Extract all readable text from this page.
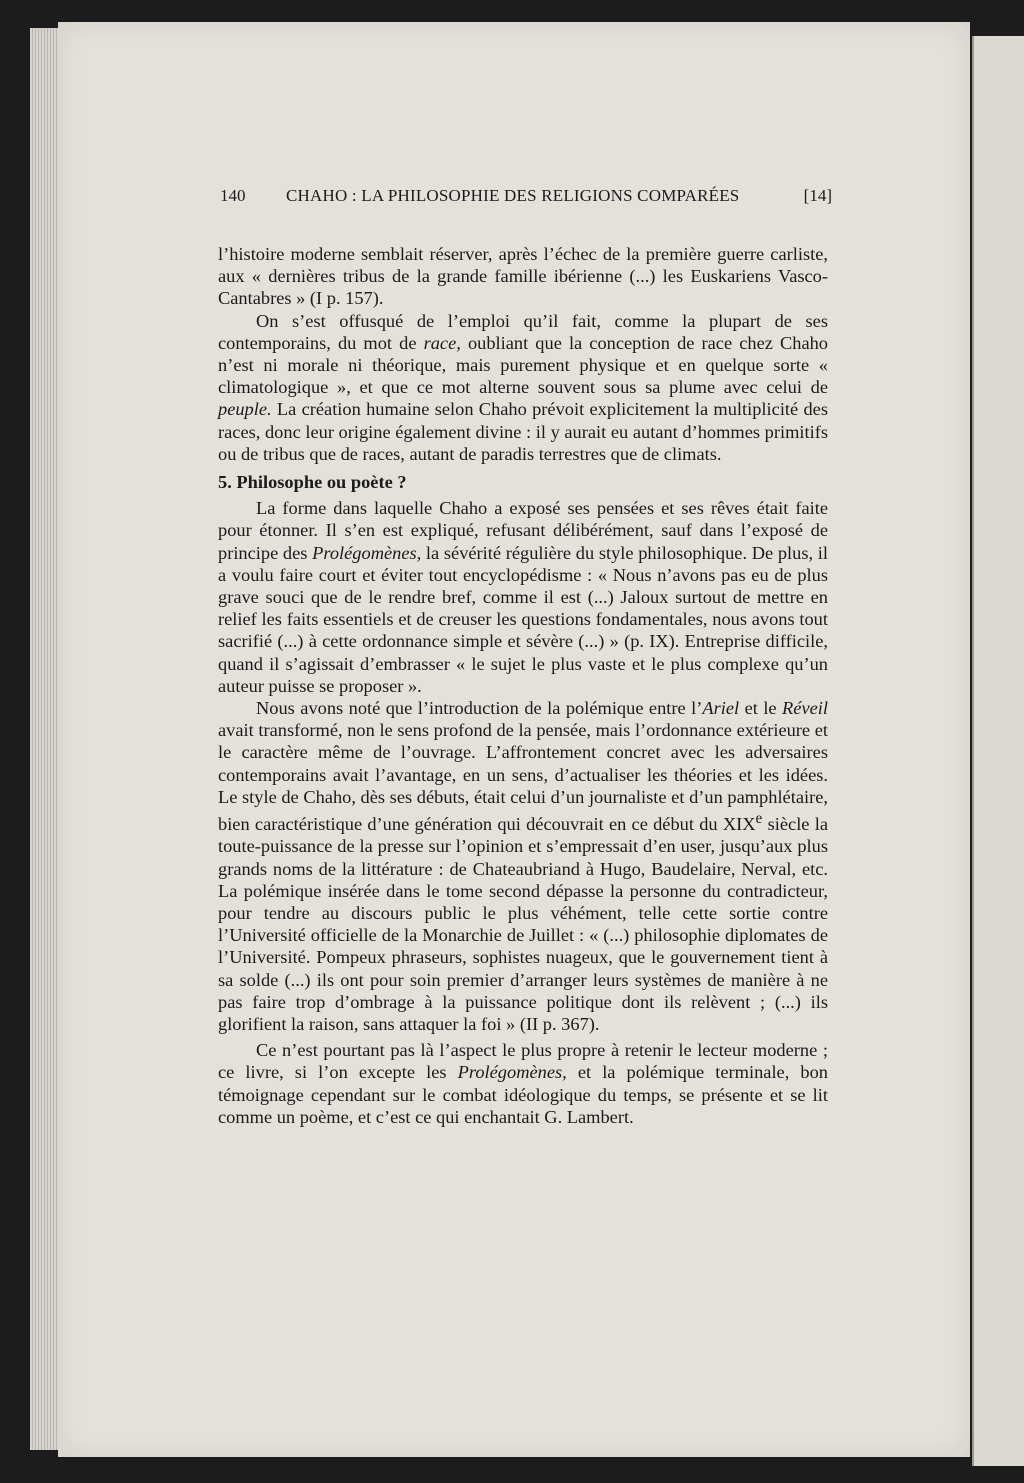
140 CHAHO : LA PHILOSOPHIE DES RELIGIONS COMPARÉES	[14]

l’histoire moderne semblait réserver, après l’échec de la première guerre carliste, aux « dernières tribus de la grande famille ibérienne (...) les Euskariens Vasco-Cantabres » (I p. 157).

On s’est offusqué de l’emploi qu’il fait, comme la plupart de ses contemporains, du mot de race, oubliant que la conception de race chez Chaho n’est ni morale ni théorique, mais purement physique et en quelque sorte « climatologique », et que ce mot alterne souvent sous sa plume avec celui de peuple. La création humaine selon Chaho prévoit explicitement la multiplicité des races, donc leur origine également divine : il y aurait eu autant d’hommes primitifs ou de tribus que de races, autant de paradis terrestres que de climats.

5. Philosophe ou poète ?

La forme dans laquelle Chaho a exposé ses pensées et ses rêves était faite pour étonner. Il s’en est expliqué, refusant délibérément, sauf dans l’exposé de principe des Prolégomènes, la sévérité régulière du style philosophique. De plus, il a voulu faire court et éviter tout encyclopédisme : « Nous n’avons pas eu de plus grave souci que de le rendre bref, comme il est (...) Jaloux surtout de mettre en relief les faits essentiels et de creuser les questions fondamentales, nous avons tout sacrifié (...) à cette ordonnance simple et sévère (...) » (p. IX). Entreprise difficile, quand il s’agissait d’embrasser « le sujet le plus vaste et le plus complexe qu’un auteur puisse se proposer ».

Nous avons noté que l’introduction de la polémique entre l’Ariel et le Réveil avait transformé, non le sens profond de la pensée, mais l’ordonnance extérieure et le caractère même de l’ouvrage. L’affrontement concret avec les adversaires contemporains avait l’avantage, en un sens, d’actualiser les théories et les idées. Le style de Chaho, dès ses débuts, était celui d’un journaliste et d’un pamphlétaire, bien caractéristique d’une génération qui découvrait en ce début du XIXe siècle la toute-puissance de la presse sur l’opinion et s’empressait d’en user, jusqu’aux plus grands noms de la littérature : de Chateaubriand à Hugo, Baudelaire, Nerval, etc. La polémique insérée dans le tome second dépasse la personne du contradicteur, pour tendre au discours public le plus véhément, telle cette sortie contre l’Université officielle de la Monarchie de Juillet : « (...) philosophie diplomates de l’Université. Pompeux phraseurs, sophistes nuageux, que le gouvernement tient à sa solde (...) ils ont pour soin premier d’arranger leurs systèmes de manière à ne pas faire trop d’ombrage à la puissance politique dont ils relèvent ; (...) ils glorifient la raison, sans attaquer la foi » (II p. 367).

Ce n’est pourtant pas là l’aspect le plus propre à retenir le lecteur moderne ; ce livre, si l’on excepte les Prolégomènes, et la polémique terminale, bon témoignage cependant sur le combat idéologique du temps, se présente et se lit comme un poème, et c’est ce qui enchantait G. Lambert.
